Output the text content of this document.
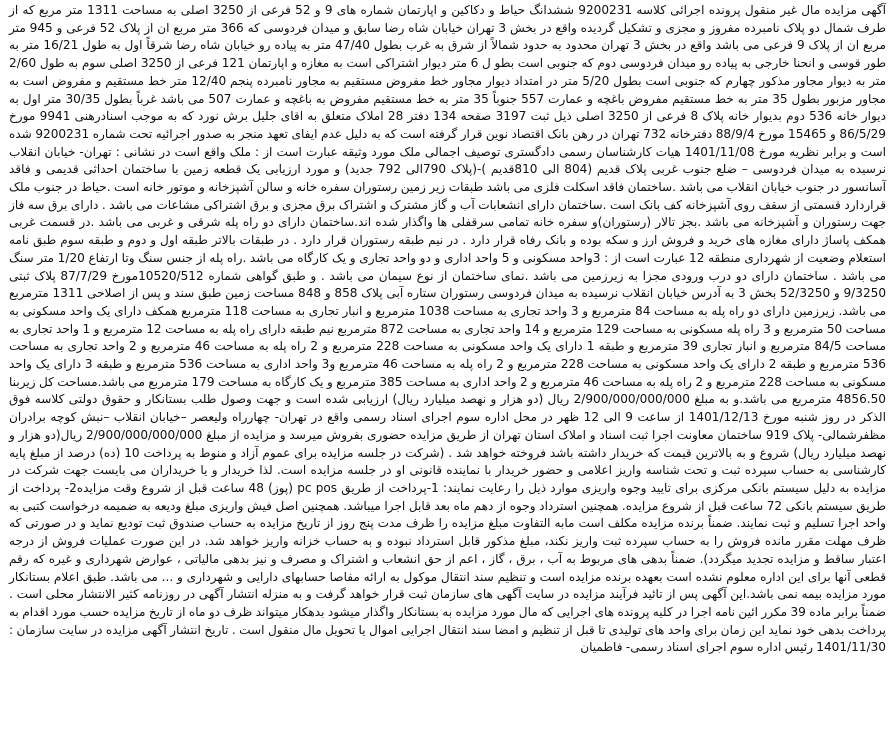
آگهی مزایده مال غیر منقول پرونده اجرائی کلاسه 9200231 ششدانگ حیاط و دکاکین و اپارتمان شماره های 9 و 52 فرعی از 3250 اصلی به مساحت 1311 متر مربع که از طرف شمال دو پلاک نامبرده مفروز و مجزی و تشکیل گردیده واقع در بخش 3 تهران خیابان شاه رضا سابق و میدان فردوسی که 366 متر مربع ان از پلاک 52 فرعی و 945 متر مربع ان از پلاک 9 فرعی می باشد واقع در بخش 3 تهران محدود به حدود شمالاً از شرق به غرب بطول 47/40 متر به پیاده رو خیابان شاه رضا شرقاً اول به طول 16/21 متر به طور قوسی و انحنا خارجی به پیاده رو میدان فردوسی دوم که جنوبی است بطو ل 6 متر دیوار اشتراکی است به مغازه و اپارتمان 121 فرعی از 3250 اصلی سوم به طول 2/60 متر به دیوار مجاور مذکور چهارم که جنوبی است بطول 5/20 متر در امتداد دیوار مجاور خط مفروض مستقیم به مجاور نامبرده پنجم 12/40 متر خط مستقیم و مفروض است به مجاور مزبور بطول 35 متر به خط مستقیم مفروض باغچه و عمارت 557 جنوباً 35 متر به خط مستقیم مفروض به باغچه و عمارت 507 می باشد غرباً بطول 30/35 متر اول به دیوار خانه 536 دوم بدیوار خانه پلاک 8 فرعی از 3250 اصلی ذیل ثبت 3197 صفحه 134 دفتر 28 املاک متعلق به اقای جلیل برش نورد که به موجب اسنادرهنی 9941 مورخ 86/5/29 و 15465 مورخ 88/9/4 دفترخانه 732 تهران در رهن بانک اقتصاد نوین قرار گرفته است که به دلیل عدم ایفای تعهد منجر به صدور اجرائیه تحت شماره 9200231 شده است و برابر نظریه مورخ 1401/11/08 هیات کارشناسان رسمی دادگستری توصیف اجمالی ملک مورد وثیقه عبارت است از : ملک واقع است در نشانی : تهران- خیابان انقلاب نرسیده به میدان فردوسی – ضلع جنوب غربی پلاک قدیم (804 الی 810قدیم )-(پلاک 790الی 792 جدید) و مورد ارزیابی یک قطعه زمین با ساختمان احداثی قدیمی و فاقد آسانسور در جنوب خیابان انقلاب می باشد .ساختمان فاقد اسکلت فلزی می باشد طبقات زیر زمین رستوران سفره خانه و سالن آشپزخانه و موتور خانه است .حیاط در جنوب ملک قراردارد قسمتی از سقف روی آشپزخانه کف بانک است .ساختمان دارای انشعابات آب و گاز مشترک و اشتراک برق مجزی و برق اشتراکی مشاعات می باشد . دارای برق سه فاز جهت رستوران و آشپزخانه می باشد .بجز تالار (رستوران)و سفره خانه تمامی سرقفلی ها واگذار شده اند.ساختمان دارای دو راه پله شرقی و غربی می باشد .در قسمت غربی همکف پاساژ دارای مغازه های خرید و فروش ارز و سکه بوده و بانک رفاه قرار دارد . در نیم طبقه رستوران قرار دارد . در طبقات بالاتر طبقه اول و دوم و طبقه سوم طبق نامه استعلام وضعیت از شهرداری منطقه 12 عبارت است از : 3واحد مسکونی و 5 واحد اداری و دو واحد تجاری و یک کارگاه می باشد .راه پله از جنس سنگ وتا ارتفاع 1/20 متر سنگ می باشد . ساختمان دارای دو درب ورودی مجزا به زیرزمین می باشد .نمای ساختمان از نوع سیمان می باشد . و طبق گواهی شماره 10520/512مورخ 87/7/29 پلاک ثبتی 9/3250 و 52/3250 بخش 3 به آدرس خیابان انقلاب نرسیده به میدان فردوسی رستوران ستاره آبی پلاک 858 و 848 مساحت زمین طبق سند و پس از اصلاحی 1311 مترمربع می باشد. زیرزمین دارای دو راه پله به مساحت 84 مترمربع و 3 واحد تجاری به مساحت 1038 مترمربع و انبار تجاری به مساحت 118 مترمربع همکف دارای یک واحد مسکونی به مساحت 50 مترمربع و 3 راه پله مسکونی به مساحت 129 مترمربع و 14 واحد تجاری به مساحت 872 مترمربع نیم طبقه دارای راه پله به مساحت 12 مترمربع و 1 واحد تجاری به مساحت 84/5 مترمربع و انبار تجاری 39 مترمربع و طبقه 1 دارای یک واحد مسکونی به مساحت 228 مترمربع و 2 راه پله به مساحت 46 مترمربع و 2 واحد تجاری به مساحت 536 مترمربع و طبقه 2 دارای یک واحد مسکونی به مساحت 228 مترمربع و 2 راه پله به مساحت 46 مترمربع و3 واحد اداری به مساحت 536 مترمربع و طبقه 3 دارای یک واحد مسکونی به مساحت 228 مترمربع و 2 راه پله به مساحت 46 مترمربع و 2 واحد اداری به مساحت 385 مترمربع و یک کارگاه به مساحت 179 مترمربع می باشد.مساحت کل زیربنا 4856.50 مترمربع می باشد.و به مبلغ 2/900/000/000/000 ریال (دو هزار و نهصد میلیارد ریال) ارزیابی شده است و جهت وصول طلب بستانکار و حقوق دولتی کلاسه فوق الذکر در روز شنبه مورخ 1401/12/13 از ساعت 9 الی 12 ظهر در محل اداره سوم اجرای اسناد رسمی واقع در تهران- چهارراه ولیعصر –خیابان انقلاب –نبش کوچه برادران مظفرشمالی- پلاک 919 ساختمان معاونت اجرا ثبت اسناد و املاک استان تهران از طریق مزایده حضوری بفروش میرسد و مزایده از مبلغ 2/900/000/000/000 ریال(دو هزار و نهصد میلیارد ریال) شروع و به بالاترین قیمت که خریدار داشته باشد فروخته خواهد شد . (شرکت در جلسه مزایده برای عموم آزاد و منوط به پرداخت 10 (ده) درصد از مبلغ پایه کارشناسی به حساب سپرده ثبت و تحت شناسه واریز اعلامی و حضور خریدار با نماینده قانونی او در جلسه مزایده است. لذا خریدار و یا خریداران می بایست جهت شرکت در مزایده به دلیل سیستم بانکی مرکزی برای تایید وجوه واریزی موارد ذیل را رعایت نمایند: 1-پرداخت از طریق pc pos (پوز) 48 ساعت قبل از شروع وقت مزایده2- پرداخت از طریق سیستم بانکی 72 ساعت قبل از شروع مزایده. همچنین استرداد وجوه از دهم ماه بعد قابل اجرا میباشد. همچنین اصل فیش واریزی مبلغ ودیعه به ضمیمه درخواست کتبی به واحد اجرا تسلیم و ثبت نمایند. ضمناً برنده مزایده مکلف است مابه التفاوت مبلغ مزایده را ظرف مدت پنج روز از تاریخ مزایده به حساب صندوق ثبت تودیع نماید و در صورتی که ظرف مهلت مقرر مانده فروش را به حساب سپرده ثبت واریز نکند، مبلغ مذکور قابل استرداد نبوده و به حساب خزانه واریز خواهد شد. در این صورت عملیات فروش از درجه اعتبار ساقط و مزایده تجدید میگردد). ضمناً بدهی های مربوط به آب ، برق ، گاز ، اعم از حق انشعاب و اشتراک و مصرف و نیز بدهی مالیاتی ، عوارض شهرداری و غیره که رقم قطعی آنها برای این اداره معلوم نشده است بعهده برنده مزایده است و تنظیم سند انتقال موکول به ارائه مفاصا حسابهای دارایی و شهرداری و ... می باشد. طبق اعلام بستانکار مورد مزایده بیمه نمی باشد.این آگهی پس از تائید فرآیند مزایده در سایت آگهی های سازمان ثبت قرار خواهد گرفت و به منزله انتشار آگهی در روزنامه کثیر الانتشار محلی است . ضمناً برابر ماده 39 مکرر ائین نامه اجرا در کلیه پرونده های اجرایی که مال مورد مزایده به بستانکار واگذار میشود بدهکار میتواند ظرف دو ماه از تاریخ مزایده حسب مورد اقدام به پرداخت بدهی خود نماید این زمان برای واحد های تولیدی تا قبل از تنظیم و امضا سند انتقال اجرایی اموال یا تحویل مال منقول است . تاریخ انتشار آگهی مزایده در سایت سازمان : 1401/11/30 رئیس اداره سوم اجرای اسناد رسمی- فاطمیان
